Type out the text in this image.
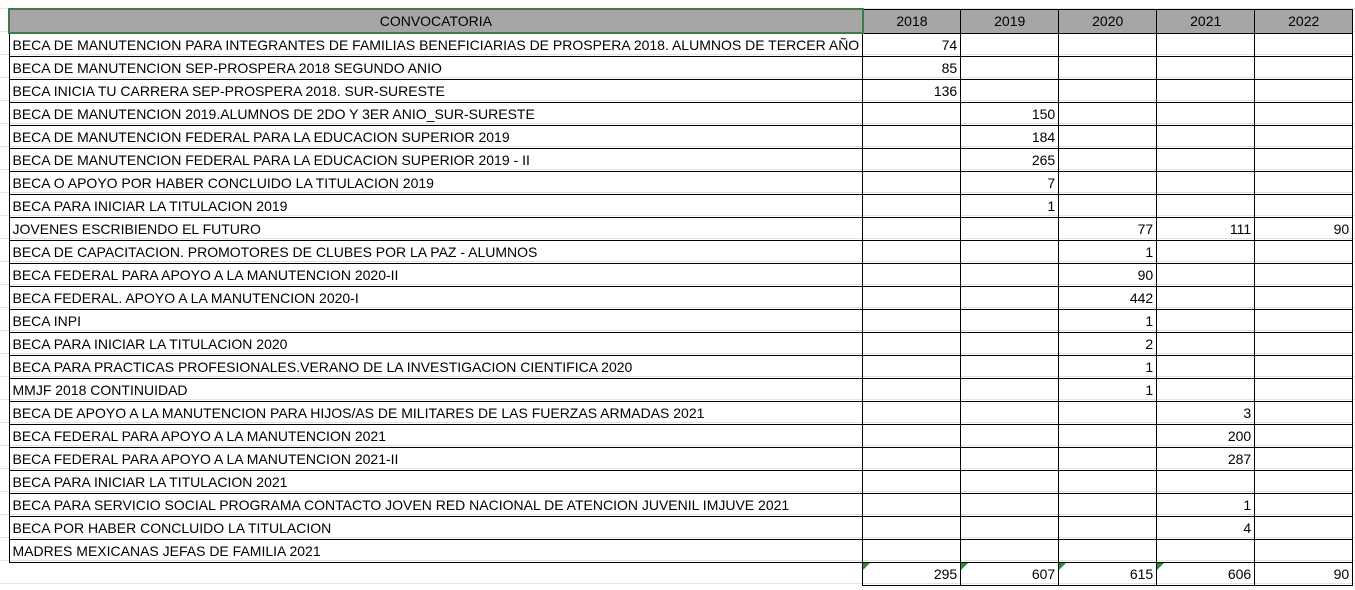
CONVOCATORIA	2018	2019	2020	2021	2022
BECA DE MANUTENCION PARA INTEGRANTES DE FAMILIAS BENEFICIARIAS DE PROSPERA 2018. ALUMNOS DE TERCER AÑO	74				
BECA DE MANUTENCION SEP-PROSPERA 2018 SEGUNDO ANIO	85				
BECA INICIA TU CARRERA SEP-PROSPERA 2018. SUR-SURESTE	136				
BECA DE MANUTENCION 2019.ALUMNOS DE 2DO Y 3ER ANIO_SUR-SURESTE		150			
BECA DE MANUTENCION FEDERAL PARA LA EDUCACION SUPERIOR 2019		184			
BECA DE MANUTENCION FEDERAL PARA LA EDUCACION SUPERIOR 2019 - II		265			
BECA O APOYO POR HABER CONCLUIDO LA TITULACION 2019		7			
BECA PARA INICIAR LA TITULACION 2019		1			
JOVENES ESCRIBIENDO EL FUTURO			77	111	90
BECA DE CAPACITACION. PROMOTORES DE CLUBES POR LA PAZ - ALUMNOS			1		
BECA FEDERAL PARA APOYO A LA MANUTENCION 2020-II			90		
BECA FEDERAL. APOYO A LA MANUTENCION 2020-I			442		
BECA INPI			1		
BECA PARA INICIAR LA TITULACION 2020			2		
BECA PARA PRACTICAS PROFESIONALES.VERANO DE LA INVESTIGACION CIENTIFICA 2020			1		
MMJF 2018 CONTINUIDAD			1		
BECA DE APOYO A LA MANUTENCION PARA HIJOS/AS DE MILITARES DE LAS FUERZAS ARMADAS 2021				3	
BECA FEDERAL PARA APOYO A LA MANUTENCION 2021				200	
BECA FEDERAL PARA APOYO A LA MANUTENCION 2021-II				287	
BECA PARA INICIAR LA TITULACION 2021					
BECA PARA SERVICIO SOCIAL PROGRAMA CONTACTO JOVEN RED NACIONAL DE ATENCION JUVENIL IMJUVE 2021				1	
BECA POR HABER CONCLUIDO LA TITULACION				4	
MADRES MEXICANAS JEFAS DE FAMILIA 2021					
	295	607	615	606	90
